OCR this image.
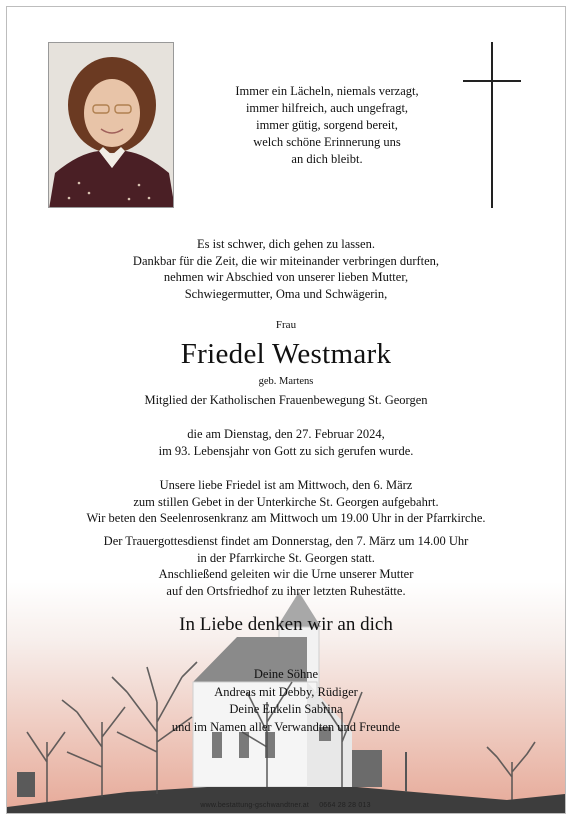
Immer ein Lächeln, niemals verzagt,
immer hilfreich, auch ungefragt,
immer gütig, sorgend bereit,
welch schöne Erinnerung uns
an dich bleibt.
Es ist schwer, dich gehen zu lassen.
Dankbar für die Zeit, die wir miteinander verbringen durften,
nehmen wir Abschied von unserer lieben Mutter,
Schwiegermutter, Oma und Schwägerin,
Frau
Friedel Westmark
geb. Martens
Mitglied der Katholischen Frauenbewegung St. Georgen
die am Dienstag, den 27. Februar 2024,
im 93. Lebensjahr von Gott zu sich gerufen wurde.
Unsere liebe Friedel ist am Mittwoch, den 6. März
zum stillen Gebet in der Unterkirche St. Georgen aufgebahrt.
Wir beten den Seelenrosenkranz am Mittwoch um 19.00 Uhr in der Pfarrkirche.
Der Trauergottesdienst findet am Donnerstag, den 7. März um 14.00 Uhr
in der Pfarrkirche St. Georgen statt.
Anschließend geleiten wir die Urne unserer Mutter
auf den Ortsfriedhof zu ihrer letzten Ruhestätte.
In Liebe denken wir an dich
Deine Söhne
Andreas mit Debby, Rüdiger
Deine Enkelin Sabrina
und im Namen aller Verwandten und Freunde
www.bestattung-gschwandtner.at 0664 28 28 013
